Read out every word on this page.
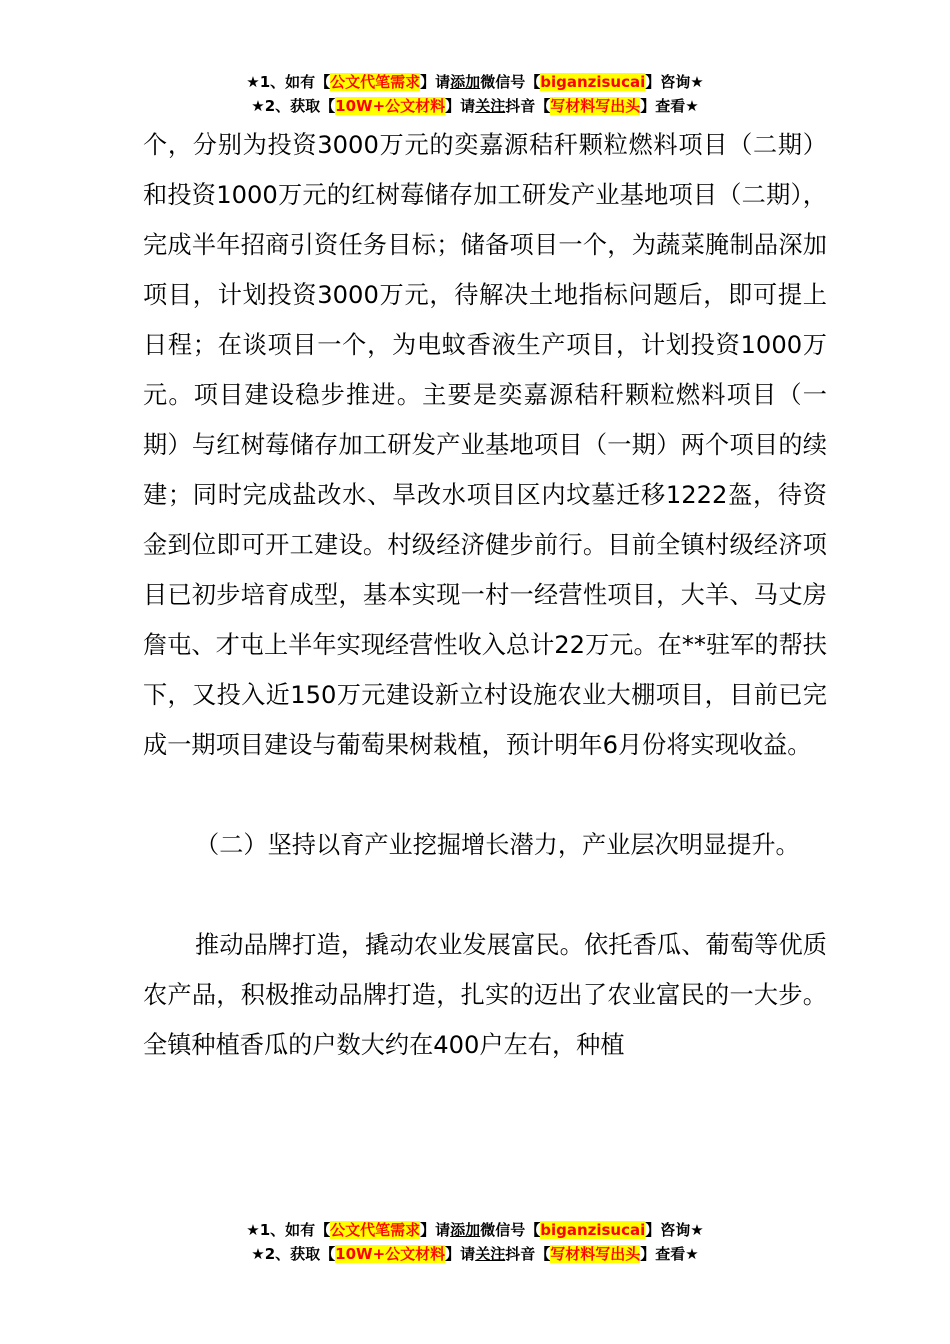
★1、如有【公文代笔需求】请添加微信号【biganzisucai】咨询★
★2、获取【10W+公文材料】请关注抖音【写材料写出头】查看★

个，分别为投资3000万元的奕嘉源秸秆颗粒燃料项目（二期）和投资1000万元的红树莓储存加工研发产业基地项目（二期），完成半年招商引资任务目标；储备项目一个，为蔬菜腌制品深加项目，计划投资3000万元，待解决土地指标问题后，即可提上日程；在谈项目一个，为电蚊香液生产项目，计划投资1000万元。项目建设稳步推进。主要是奕嘉源秸秆颗粒燃料项目（一期）与红树莓储存加工研发产业基地项目（一期）两个项目的续建；同时完成盐改水、旱改水项目区内坟墓迁移1222盔，待资金到位即可开工建设。村级经济健步前行。目前全镇村级经济项目已初步培育成型，基本实现一村一经营性项目，大羊、马丈房詹屯、才屯上半年实现经营性收入总计22万元。在**驻军的帮扶下，又投入近150万元建设新立村设施农业大棚项目，目前已完成一期项目建设与葡萄果树栽植，预计明年6月份将实现收益。

（二）坚持以育产业挖掘增长潜力，产业层次明显提升。

推动品牌打造，撬动农业发展富民。依托香瓜、葡萄等优质农产品，积极推动品牌打造，扎实的迈出了农业富民的一大步。全镇种植香瓜的户数大约在400户左右，种植

★1、如有【公文代笔需求】请添加微信号【biganzisucai】咨询★
★2、获取【10W+公文材料】请关注抖音【写材料写出头】查看★
